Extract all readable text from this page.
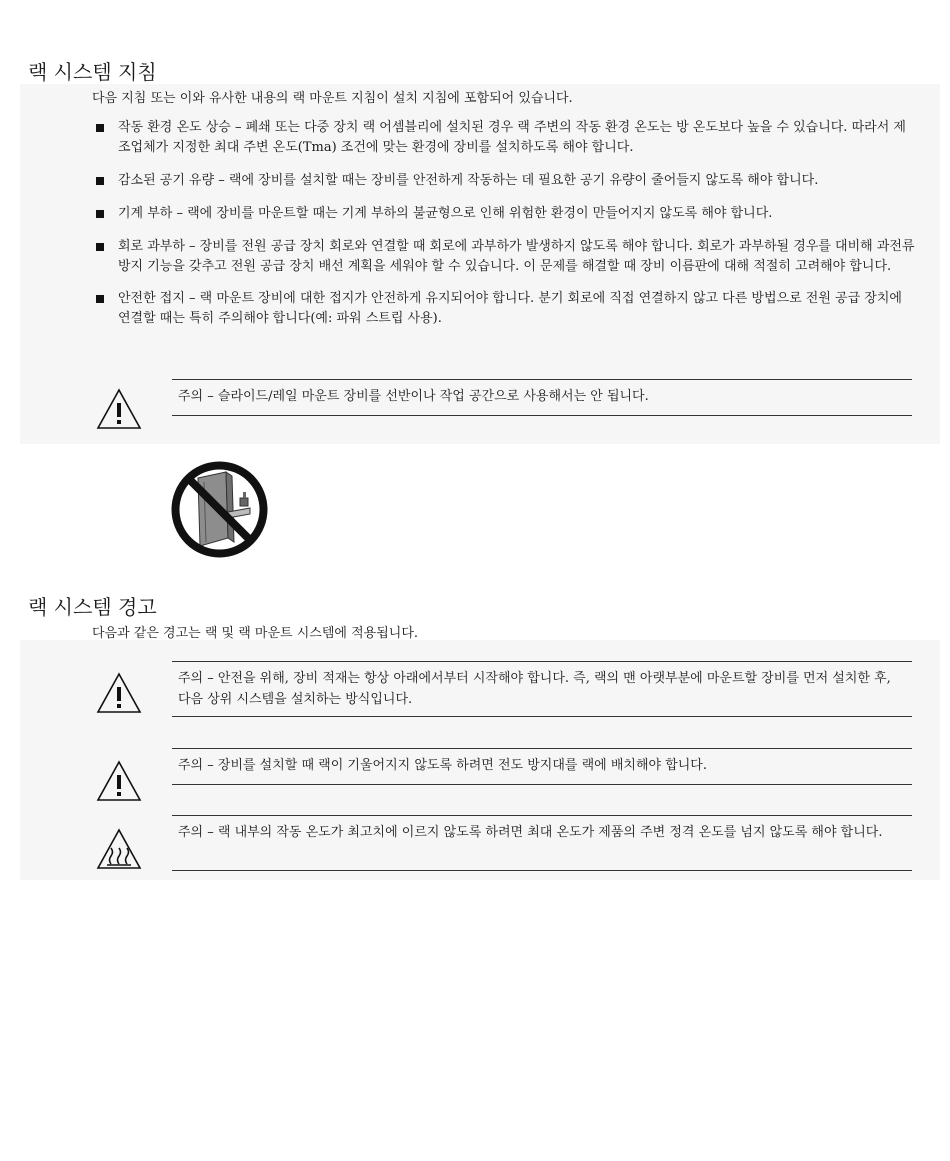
랙 시스템 지침
다음 지침 또는 이와 유사한 내용의 랙 마운트 지침이 설치 지침에 포함되어 있습니다.
작동 환경 온도 상승 – 폐쇄 또는 다중 장치 랙 어셈블리에 설치된 경우 랙 주변의 작동 환경 온도는 방 온도보다 높을 수 있습니다. 따라서 제조업체가 지정한 최대 주변 온도(Tma) 조건에 맞는 환경에 장비를 설치하도록 해야 합니다.
감소된 공기 유량 – 랙에 장비를 설치할 때는 장비를 안전하게 작동하는 데 필요한 공기 유량이 줄어들지 않도록 해야 합니다.
기계 부하 – 랙에 장비를 마운트할 때는 기계 부하의 불균형으로 인해 위험한 환경이 만들어지지 않도록 해야 합니다.
회로 과부하 – 장비를 전원 공급 장치 회로와 연결할 때 회로에 과부하가 발생하지 않도록 해야 합니다. 회로가 과부하될 경우를 대비해 과전류 방지 기능을 갖추고 전원 공급 장치 배선 계획을 세워야 할 수 있습니다. 이 문제를 해결할 때 장비 이름판에 대해 적절히 고려해야 합니다.
안전한 접지 – 랙 마운트 장비에 대한 접지가 안전하게 유지되어야 합니다. 분기 회로에 직접 연결하지 않고 다른 방법으로 전원 공급 장치에 연결할 때는 특히 주의해야 합니다(예: 파워 스트립 사용).
주의 – 슬라이드/레일 마운트 장비를 선반이나 작업 공간으로 사용해서는 안 됩니다.
랙 시스템 경고
다음과 같은 경고는 랙 및 랙 마운트 시스템에 적용됩니다.
주의 – 안전을 위해, 장비 적재는 항상 아래에서부터 시작해야 합니다. 즉, 랙의 맨 아랫부분에 마운트할 장비를 먼저 설치한 후, 다음 상위 시스템을 설치하는 방식입니다.
주의 – 장비를 설치할 때 랙이 기울어지지 않도록 하려면 전도 방지대를 랙에 배치해야 합니다.
주의 – 랙 내부의 작동 온도가 최고치에 이르지 않도록 하려면 최대 온도가 제품의 주변 정격 온도를 넘지 않도록 해야 합니다.
